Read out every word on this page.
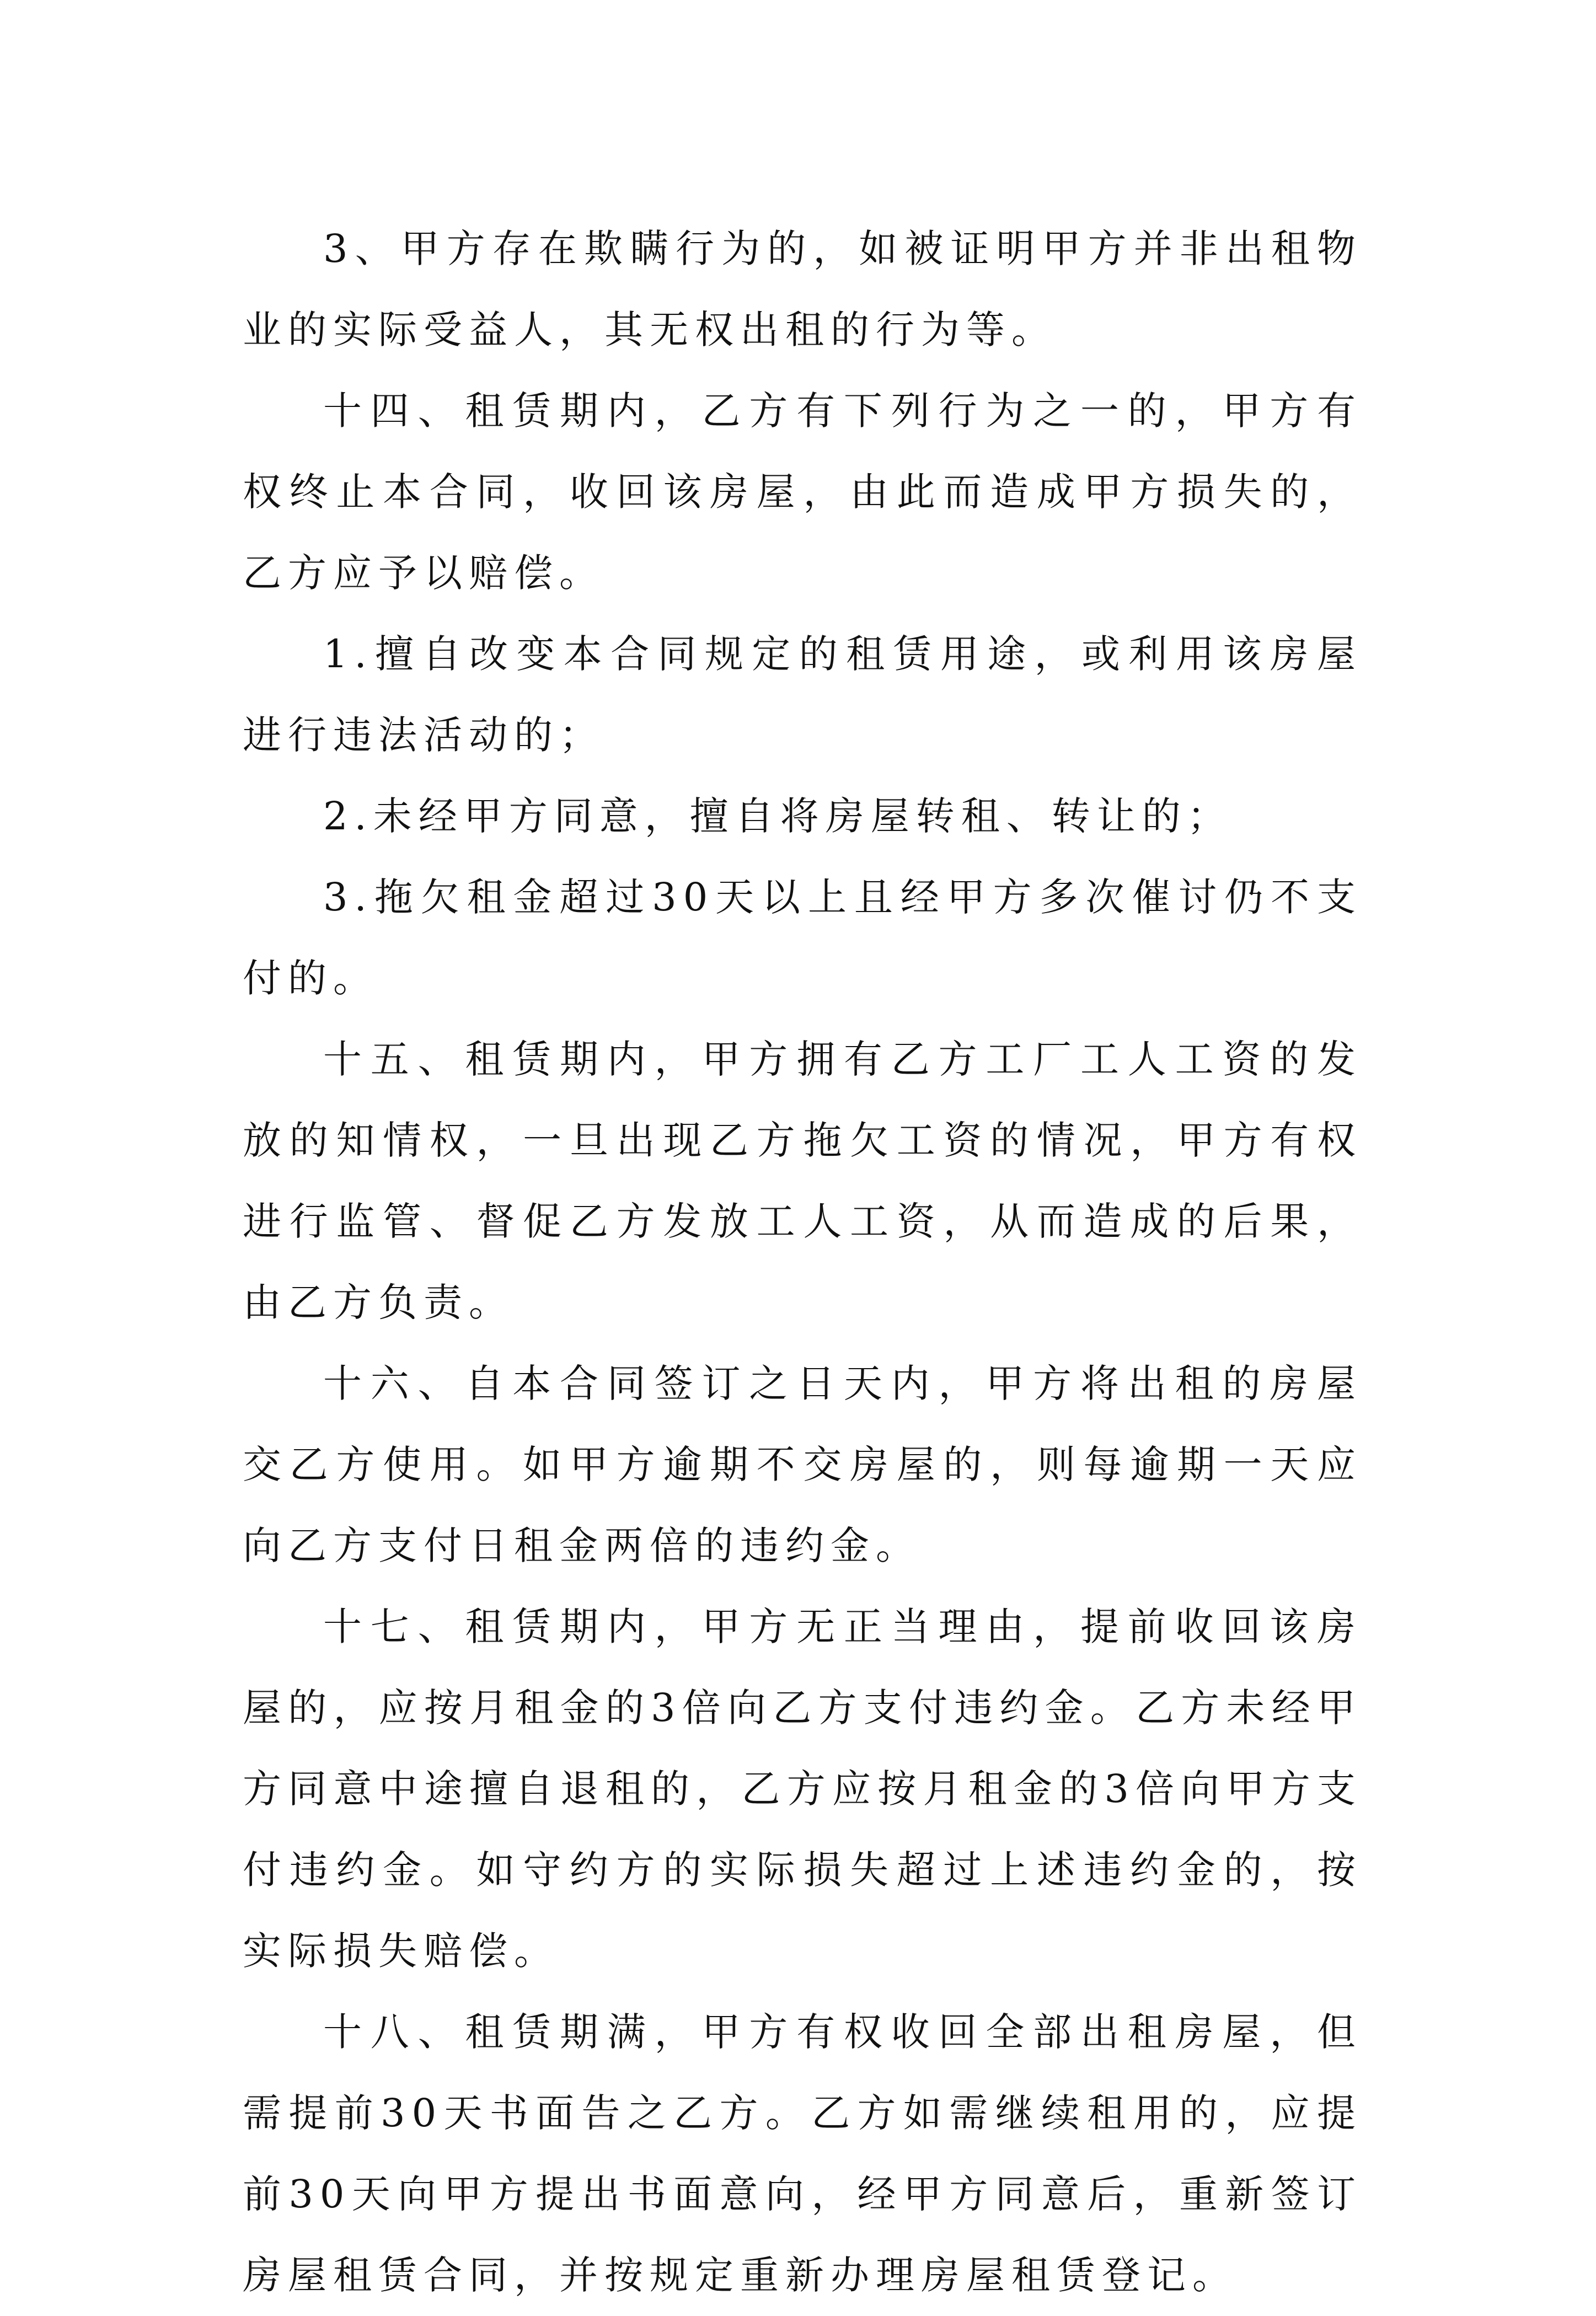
3、甲方存在欺瞒行为的，如被证明甲方并非出租物业的实际受益人，其无权出租的行为等。

十四、租赁期内，乙方有下列行为之一的，甲方有权终止本合同，收回该房屋，由此而造成甲方损失的，乙方应予以赔偿。

1.擅自改变本合同规定的租赁用途，或利用该房屋进行违法活动的；

2.未经甲方同意，擅自将房屋转租、转让的；

3.拖欠租金超过30天以上且经甲方多次催讨仍不支付的。

十五、租赁期内，甲方拥有乙方工厂工人工资的发放的知情权，一旦出现乙方拖欠工资的情况，甲方有权进行监管、督促乙方发放工人工资，从而造成的后果，由乙方负责。

十六、自本合同签订之日天内，甲方将出租的房屋交乙方使用。如甲方逾期不交房屋的，则每逾期一天应向乙方支付日租金两倍的违约金。

十七、租赁期内，甲方无正当理由，提前收回该房屋的，应按月租金的3倍向乙方支付违约金。乙方未经甲方同意中途擅自退租的，乙方应按月租金的3倍向甲方支付违约金。如守约方的实际损失超过上述违约金的，按实际损失赔偿。

十八、租赁期满，甲方有权收回全部出租房屋，但需提前30天书面告之乙方。乙方如需继续租用的，应提前30天向甲方提出书面意向，经甲方同意后，重新签订房屋租赁合同，并按规定重新办理房屋租赁登记。
